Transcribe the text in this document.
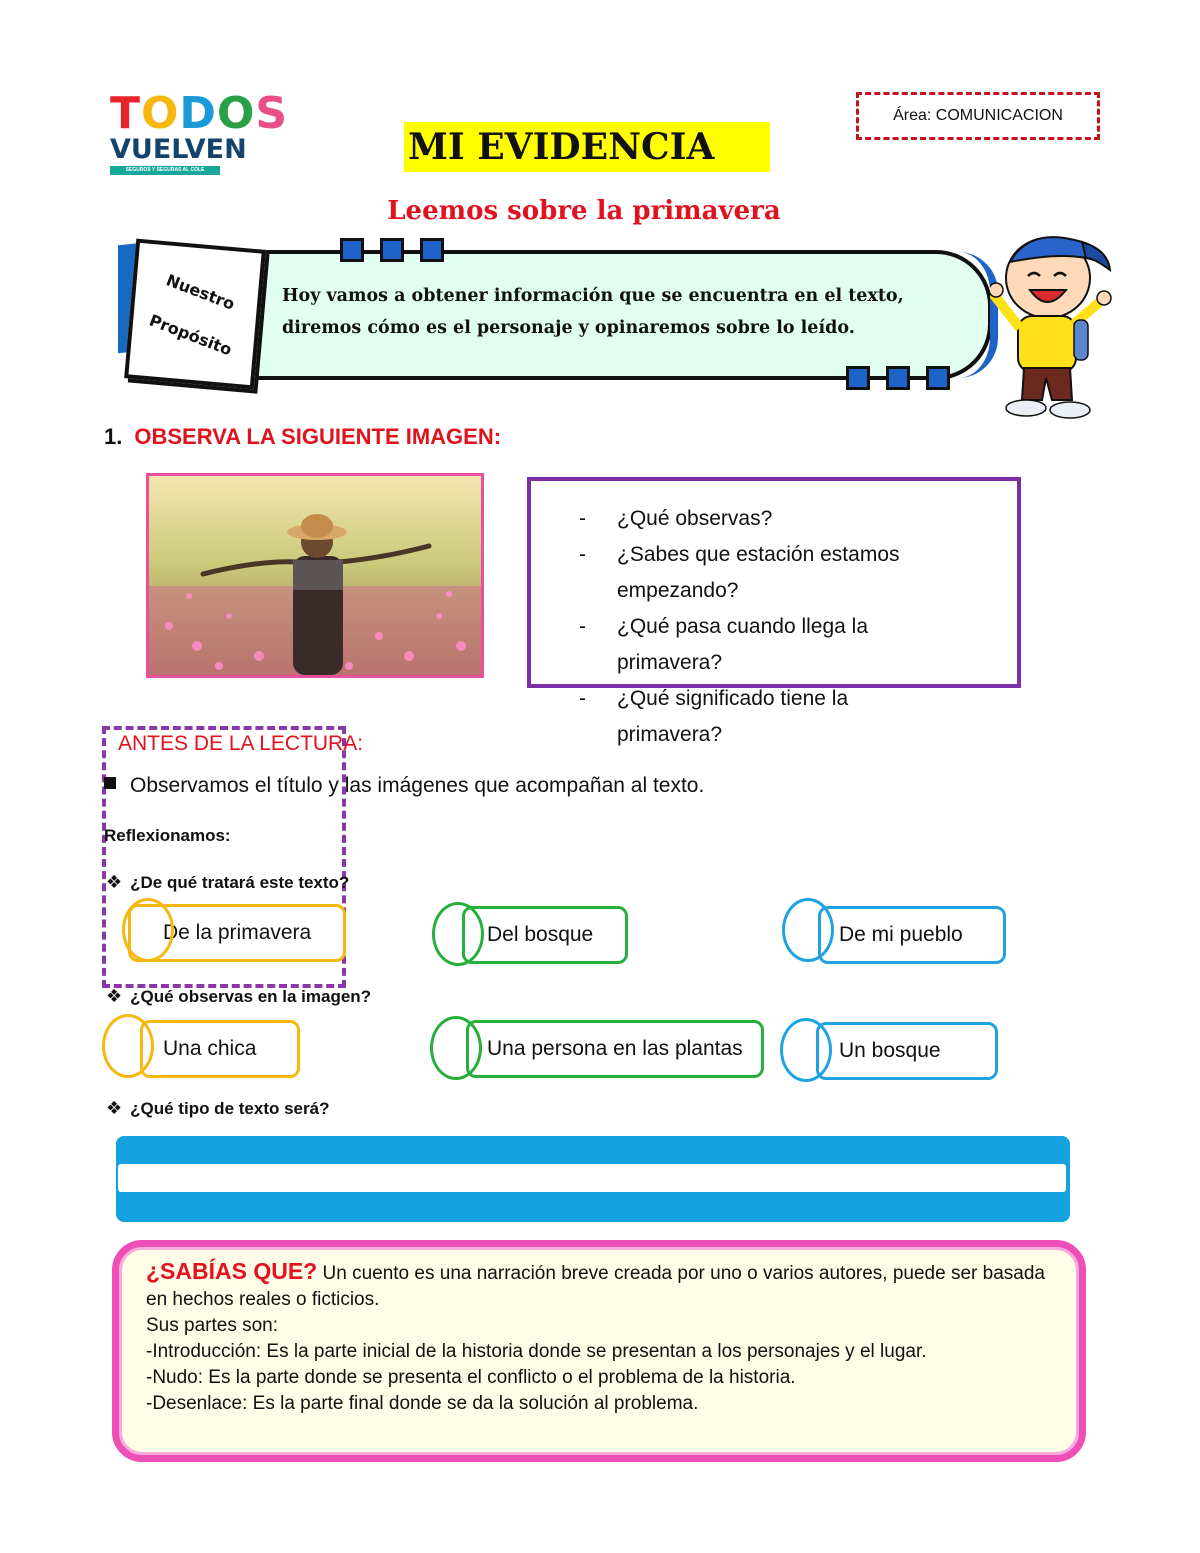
TODOS
VUELVEN
SEGUROS Y SEGURAS AL COLE
Área: COMUNICACION
MI EVIDENCIA
Leemos sobre la primavera
Nuestro

Propósito
Hoy vamos a obtener información que se encuentra en el texto, diremos cómo es el personaje y opinaremos sobre lo leído.
1. OBSERVA LA SIGUIENTE IMAGEN:
- ¿Qué observas?
- ¿Sabes que estación estamos empezando?
- ¿Qué pasa cuando llega la primavera?
- ¿Qué significado tiene la primavera?
ANTES DE LA LECTURA:
Observamos el título y las imágenes que acompañan al texto.
Reflexionamos:
❖ ¿De qué tratará este texto?
De la primavera	Del bosque	De mi pueblo
❖ ¿Qué observas en la imagen?
Una chica	Una persona en las plantas	Un bosque
❖ ¿Qué tipo de texto será?
¿SABÍAS QUE? Un cuento es una narración breve creada por uno o varios autores, puede ser basada en hechos reales o ficticios.
Sus partes son:
-Introducción: Es la parte inicial de la historia donde se presentan a los personajes y el lugar.
-Nudo: Es la parte donde se presenta el conflicto o el problema de la historia.
-Desenlace: Es la parte final donde se da la solución al problema.
